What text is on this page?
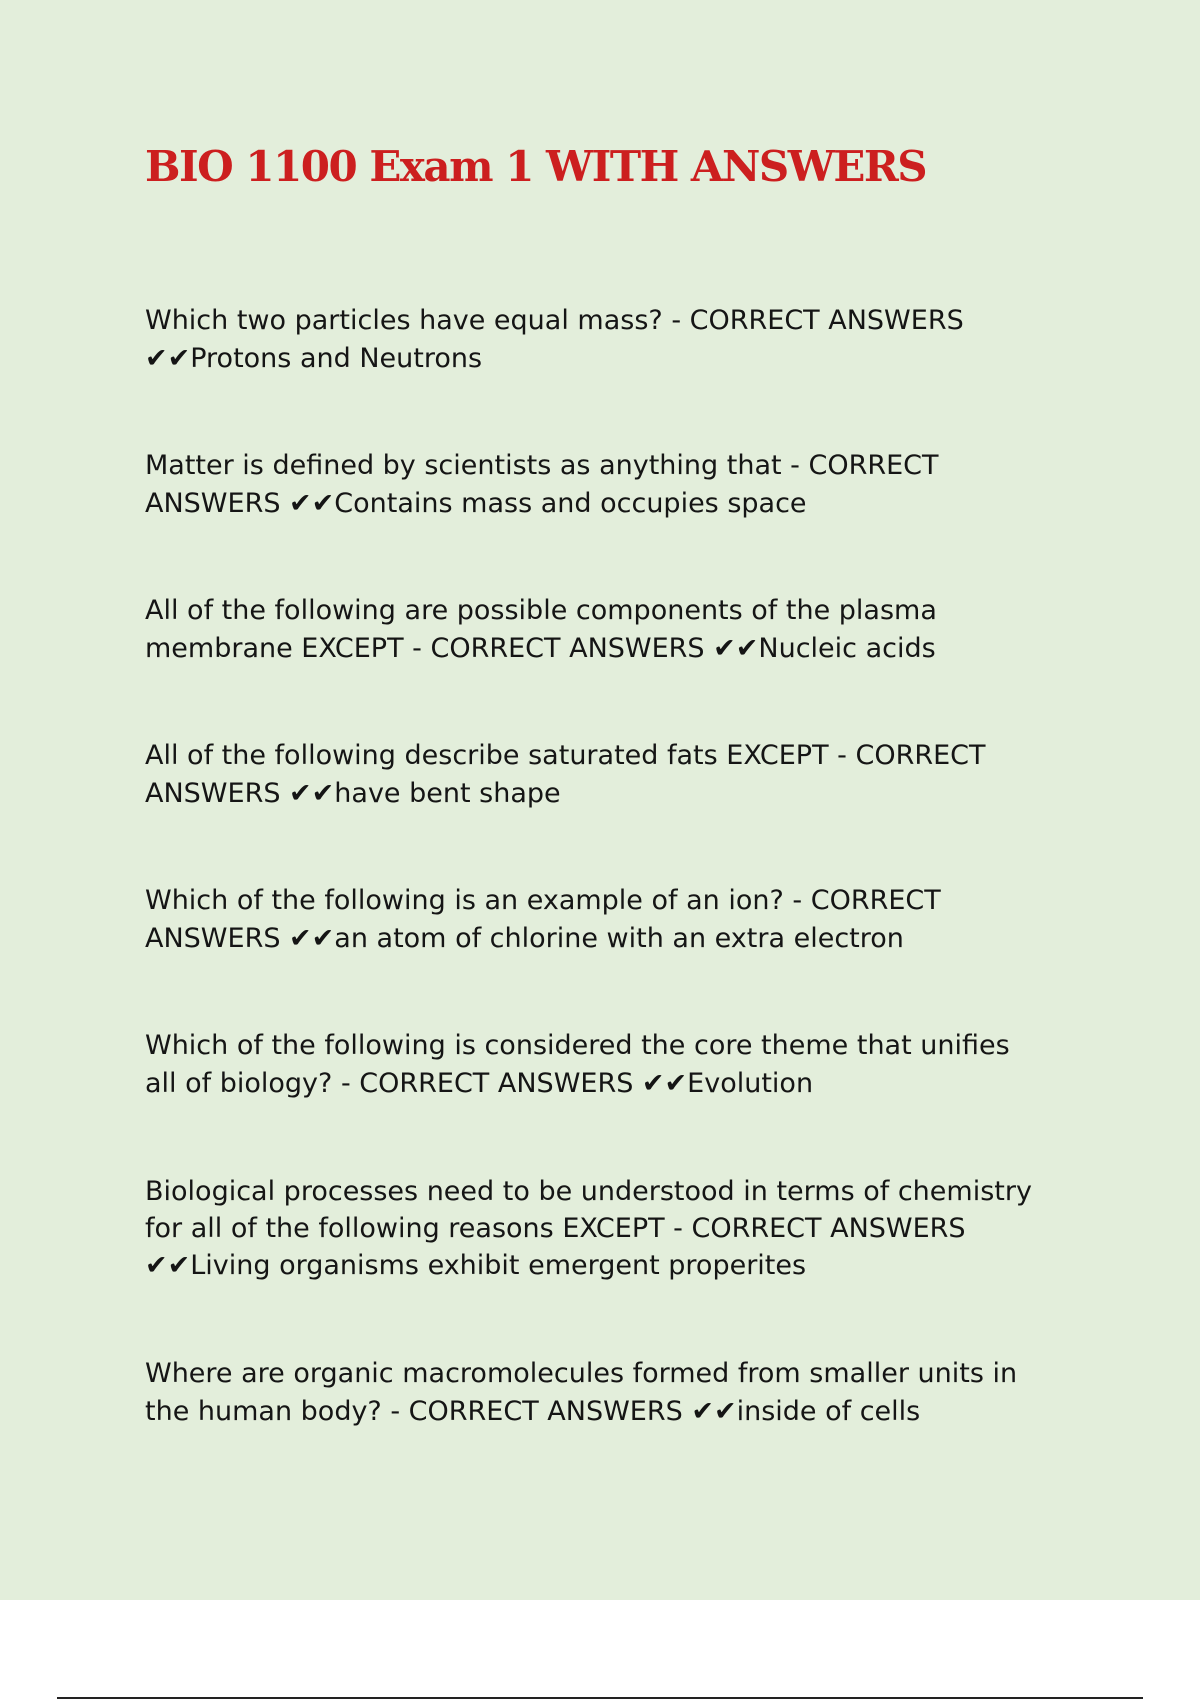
BIO 1100 Exam 1 WITH ANSWERS
Which two particles have equal mass? - CORRECT ANSWERS
✔✔Protons and Neutrons
Matter is defined by scientists as anything that - CORRECT
ANSWERS ✔✔Contains mass and occupies space
All of the following are possible components of the plasma
membrane EXCEPT - CORRECT ANSWERS ✔✔Nucleic acids
All of the following describe saturated fats EXCEPT - CORRECT
ANSWERS ✔✔have bent shape
Which of the following is an example of an ion? - CORRECT
ANSWERS ✔✔an atom of chlorine with an extra electron
Which of the following is considered the core theme that unifies
all of biology? - CORRECT ANSWERS ✔✔Evolution
Biological processes need to be understood in terms of chemistry
for all of the following reasons EXCEPT - CORRECT ANSWERS
✔✔Living organisms exhibit emergent properites
Where are organic macromolecules formed from smaller units in
the human body? - CORRECT ANSWERS ✔✔inside of cells
